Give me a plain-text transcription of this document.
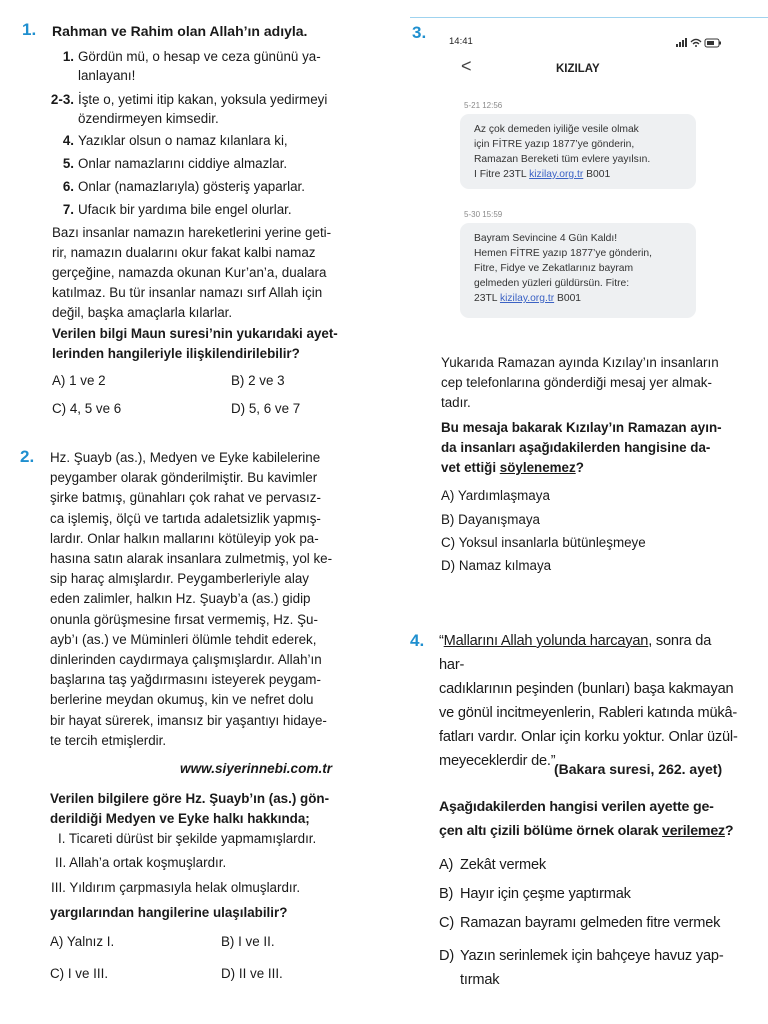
1. Rahman ve Rahim olan Allah’ın adıyla.
1. Gördün mü, o hesap ve ceza gününü ya-
lanlayanı!
2-3. İşte o, yetimi itip kakan, yoksula yedirmeyi
özendirmeyen kimsedir.
4. Yazıklar olsun o namaz kılanlara ki,
5. Onlar namazlarını ciddiye almazlar.
6. Onlar (namazlarıyla) gösteriş yaparlar.
7. Ufacık bir yardıma bile engel olurlar.
Bazı insanlar namazın hareketlerini yerine geti-
rir, namazın dualarını okur fakat kalbi namaz
gerçeğine, namazda okunan Kur’an’a, dualara
katılmaz. Bu tür insanlar namazı sırf Allah için
değil, başka amaçlarla kılarlar.
Verilen bilgi Maun suresi’nin yukarıdaki ayet-
lerinden hangileriyle ilişkilendirilebilir?
A) 1 ve 2	B) 2 ve 3
C) 4, 5 ve 6	D) 5, 6 ve 7
2. Hz. Şuayb (as.), Medyen ve Eyke kabilelerine
peygamber olarak gönderilmiştir. Bu kavimler
şirke batmış, günahları çok rahat ve pervasız-
ca işlemiş, ölçü ve tartıda adaletsizlik yapmış-
lardır. Onlar halkın mallarını kötüleyip yok pa-
hasına satın alarak insanlara zulmetmiş, yol ke-
sip haraç almışlardır. Peygamberleriyle alay
eden zalimler, halkın Hz. Şuayb’a (as.) gidip
onunla görüşmesine fırsat vermemiş, Hz. Şu-
ayb’ı (as.) ve Müminleri ölümle tehdit ederek,
dinlerinden caydırmaya çalışmışlardır. Allah’ın
başlarına taş yağdırmasını isteyerek peygam-
berlerine meydan okumuş, kin ve nefret dolu
bir hayat sürerek, imansız bir yaşantıyı hidaye-
te tercih etmişlerdir.
www.siyerinnebi.com.tr
Verilen bilgilere göre Hz. Şuayb’ın (as.) gön-
derildiği Medyen ve Eyke halkı hakkında;
I. Ticareti dürüst bir şekilde yapmamışlardır.
II. Allah’a ortak koşmuşlardır.
III. Yıldırım çarpmasıyla helak olmuşlardır.
yargılarından hangilerine ulaşılabilir?
A) Yalnız I.	B) I ve II.
C) I ve III.	D) II ve III.
3. 14:41
<	KIZILAY
5-21 12:56
Az çok demeden iyiliğe vesile olmak
için FİTRE yazıp 1877’ye gönderin,
Ramazan Bereketi tüm evlere yayılsın.
I Fitre 23TL kizilay.org.tr B001
5-30 15:59
Bayram Sevincine 4 Gün Kaldı!
Hemen FİTRE yazıp 1877’ye gönderin,
Fitre, Fidye ve Zekatlarınız bayram
gelmeden yüzleri güldürsün. Fitre:
23TL kizilay.org.tr B001
Yukarıda Ramazan ayında Kızılay’ın insanların
cep telefonlarına gönderdiği mesaj yer almak-
tadır.
Bu mesaja bakarak Kızılay’ın Ramazan ayın-
da insanları aşağıdakilerden hangisine da-
vet ettiği söylenemez?
A) Yardımlaşmaya
B) Dayanışmaya
C) Yoksul insanlarla bütünleşmeye
D) Namaz kılmaya
4. “Mallarını Allah yolunda harcayan, sonra da har-
cadıklarının peşinden (bunları) başa kakmayan
ve gönül incitmeyenlerin, Rableri katında mükâ-
fatları vardır. Onlar için korku yoktur. Onlar üzül-
meyeceklerdir de.”
(Bakara suresi, 262. ayet)
Aşağıdakilerden hangisi verilen ayette ge-
çen altı çizili bölüme örnek olarak verilemez?
A) Zekât vermek
B) Hayır için çeşme yaptırmak
C) Ramazan bayramı gelmeden fitre vermek
D) Yazın serinlemek için bahçeye havuz yap-
tırmak
